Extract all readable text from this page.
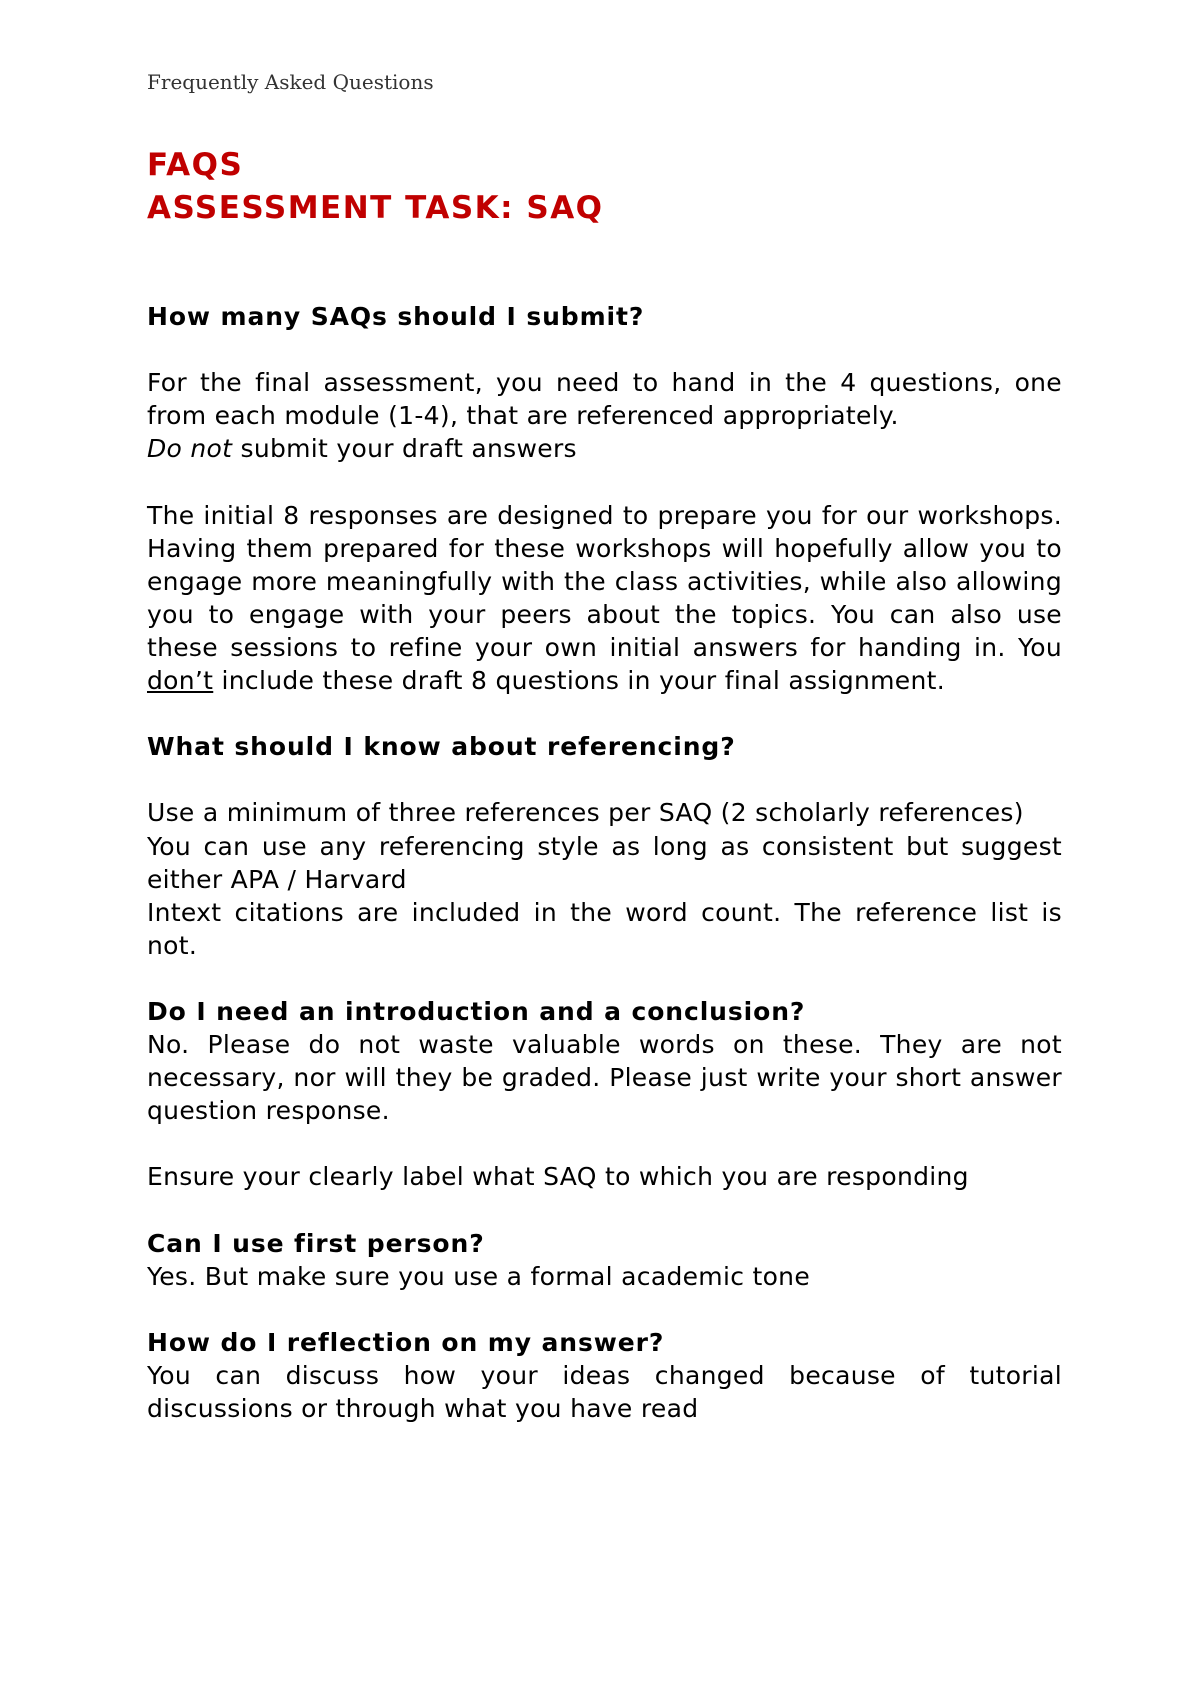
Frequently Asked Questions
FAQS
ASSESSMENT TASK: SAQ

How many SAQs should I submit?

For the final assessment, you need to hand in the 4 questions, one from each module (1-4), that are referenced appropriately.
Do not submit your draft answers

The initial 8 responses are designed to prepare you for our workshops. Having them prepared for these workshops will hopefully allow you to engage more meaningfully with the class activities, while also allowing you to engage with your peers about the topics. You can also use these sessions to refine your own initial answers for handing in. You don’t include these draft 8 questions in your final assignment.

What should I know about referencing?

Use a minimum of three references per SAQ (2 scholarly references)

You can use any referencing style as long as consistent but suggest either APA / Harvard

Intext citations are included in the word count. The reference list is not.

Do I need an introduction and a conclusion?

No. Please do not waste valuable words on these. They are not necessary, nor will they be graded. Please just write your short answer question response.

Ensure your clearly label what SAQ to which you are responding

Can I use first person?

Yes. But make sure you use a formal academic tone

How do I reflection on my answer?

You can discuss how your ideas changed because of tutorial discussions or through what you have read
